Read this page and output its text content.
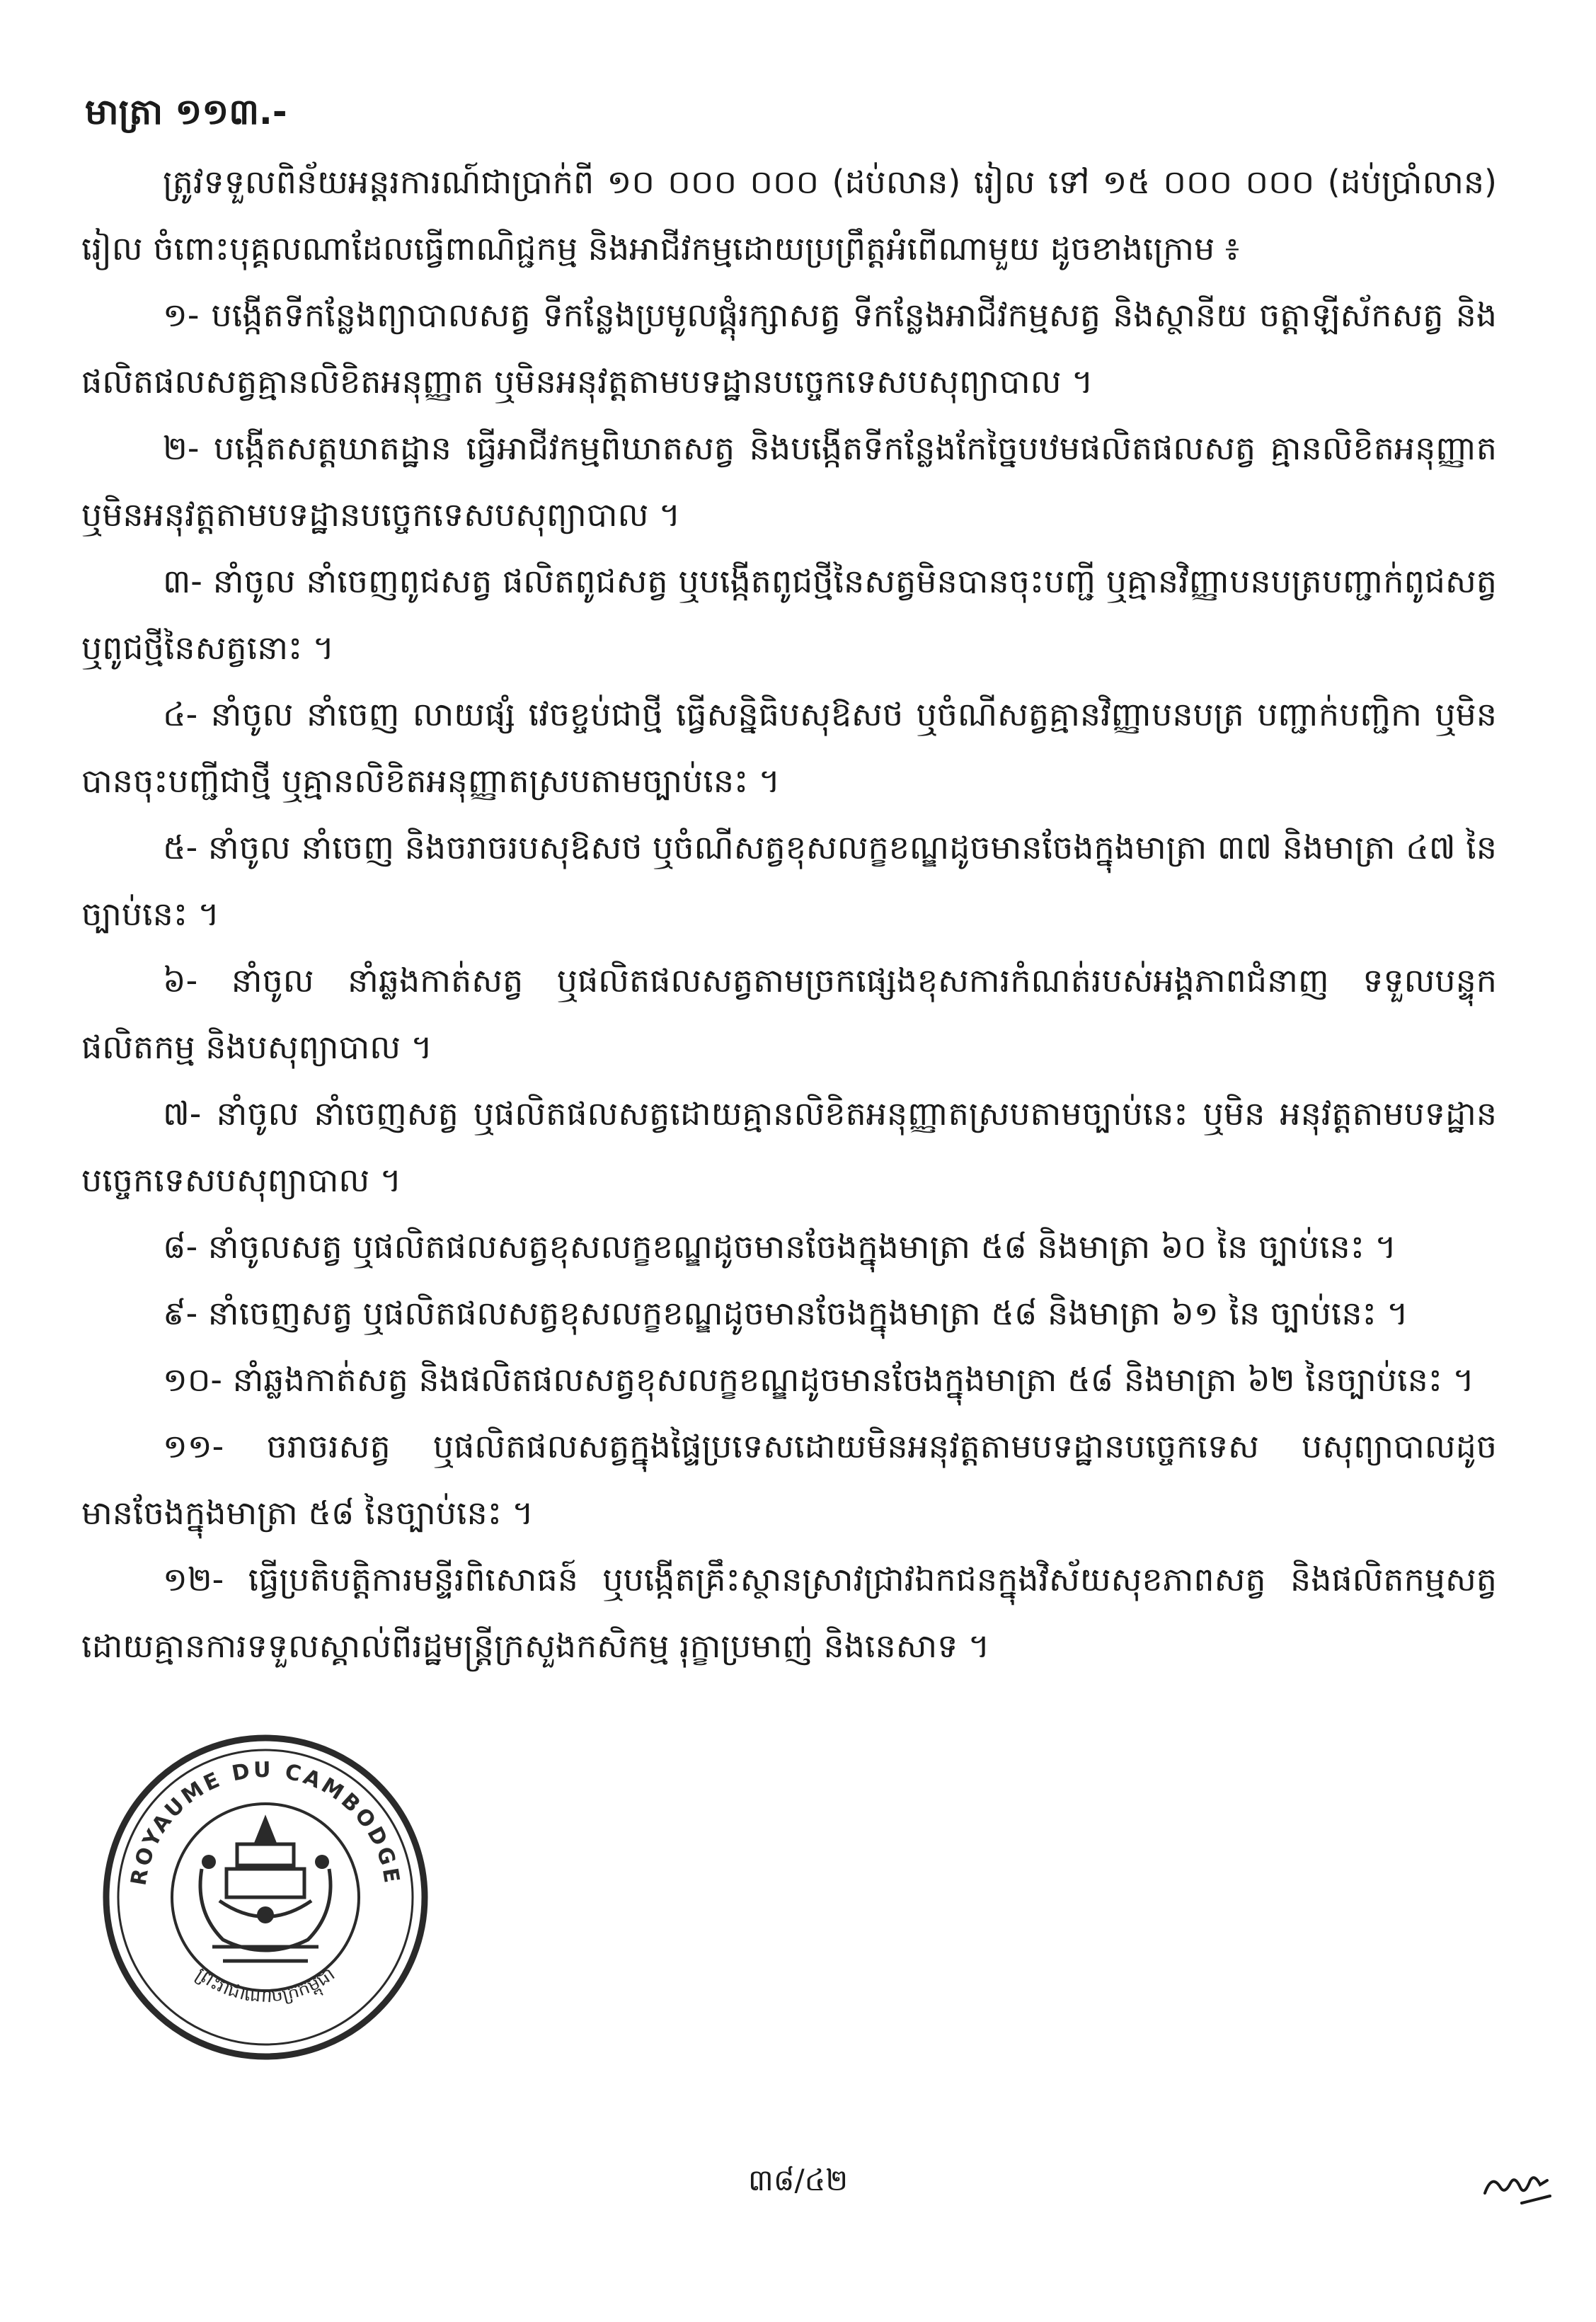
មាត្រា ១១៣.-

ត្រូវទទួលពិន័យអន្តរការណ៍ជាប្រាក់ពី ១០ ០០០ ០០០ (ដប់លាន) រៀល ទៅ ១៥ ០០០ ០០០ (ដប់ប្រាំលាន) រៀល ចំពោះបុគ្គលណាដែលធ្វើពាណិជ្ជកម្ម និងអាជីវកម្មដោយប្រព្រឹត្តអំពើណាមួយ ដូចខាងក្រោម ៖

១- បង្កើតទីកន្លែងព្យាបាលសត្វ ទីកន្លែងប្រមូលផ្តុំរក្សាសត្វ ទីកន្លែងអាជីវកម្មសត្វ និងស្ថានីយ ចត្តាឡីស័កសត្វ និងផលិតផលសត្វគ្មានលិខិតអនុញ្ញាត ឬមិនអនុវត្តតាមបទដ្ឋានបច្ចេកទេសបសុព្យាបាល ។

២- បង្កើតសត្តឃាតដ្ឋាន ធ្វើអាជីវកម្មពិឃាតសត្វ និងបង្កើតទីកន្លែងកែច្នៃបឋមផលិតផលសត្វ គ្មានលិខិតអនុញ្ញាត ឬមិនអនុវត្តតាមបទដ្ឋានបច្ចេកទេសបសុព្យាបាល ។

៣- នាំចូល នាំចេញពូជសត្វ ផលិតពូជសត្វ ឬបង្កើតពូជថ្មីនៃសត្វមិនបានចុះបញ្ជី ឬគ្មានវិញ្ញាបនបត្របញ្ជាក់ពូជសត្វ ឬពូជថ្មីនៃសត្វនោះ ។

៤- នាំចូល នាំចេញ លាយផ្សំ វេចខ្ចប់ជាថ្មី ធ្វើសន្និធិបសុឱសថ ឬចំណីសត្វគ្មានវិញ្ញាបនបត្រ បញ្ជាក់បញ្ជិកា ឬមិនបានចុះបញ្ជីជាថ្មី ឬគ្មានលិខិតអនុញ្ញាតស្របតាមច្បាប់នេះ ។

៥- នាំចូល នាំចេញ និងចរាចរបសុឱសថ ឬចំណីសត្វខុសលក្ខខណ្ឌដូចមានចែងក្នុងមាត្រា ៣៧ និងមាត្រា ៤៧ នៃច្បាប់នេះ ។

៦- នាំចូល នាំឆ្លងកាត់សត្វ ឬផលិតផលសត្វតាមច្រកផ្សេងខុសការកំណត់របស់អង្គភាពជំនាញ ទទួលបន្ទុកផលិតកម្ម និងបសុព្យាបាល ។

៧- នាំចូល នាំចេញសត្វ ឬផលិតផលសត្វដោយគ្មានលិខិតអនុញ្ញាតស្របតាមច្បាប់នេះ ឬមិន អនុវត្តតាមបទដ្ឋានបច្ចេកទេសបសុព្យាបាល ។

៨- នាំចូលសត្វ ឬផលិតផលសត្វខុសលក្ខខណ្ឌដូចមានចែងក្នុងមាត្រា ៥៨ និងមាត្រា ៦០ នៃ ច្បាប់នេះ ។

៩- នាំចេញសត្វ ឬផលិតផលសត្វខុសលក្ខខណ្ឌដូចមានចែងក្នុងមាត្រា ៥៨ និងមាត្រា ៦១ នៃ ច្បាប់នេះ ។

១០- នាំឆ្លងកាត់សត្វ និងផលិតផលសត្វខុសលក្ខខណ្ឌដូចមានចែងក្នុងមាត្រា ៥៨ និងមាត្រា ៦២ នៃច្បាប់នេះ ។

១១- ចរាចរសត្វ ឬផលិតផលសត្វក្នុងផ្ទៃប្រទេសដោយមិនអនុវត្តតាមបទដ្ឋានបច្ចេកទេស បសុព្យាបាលដូចមានចែងក្នុងមាត្រា ៥៨ នៃច្បាប់នេះ ។

១២- ធ្វើប្រតិបត្តិការមន្ទីរពិសោធន៍ ឬបង្កើតគ្រឹះស្ថានស្រាវជ្រាវឯកជនក្នុងវិស័យសុខភាពសត្វ និងផលិតកម្មសត្វដោយគ្មានការទទួលស្គាល់ពីរដ្ឋមន្ត្រីក្រសួងកសិកម្ម រុក្ខាប្រមាញ់ និងនេសាទ ។

ROYAUME DU CAMBODGE
ព្រះរាជាណាចក្រកម្ពុជា
៣៨/៤២
